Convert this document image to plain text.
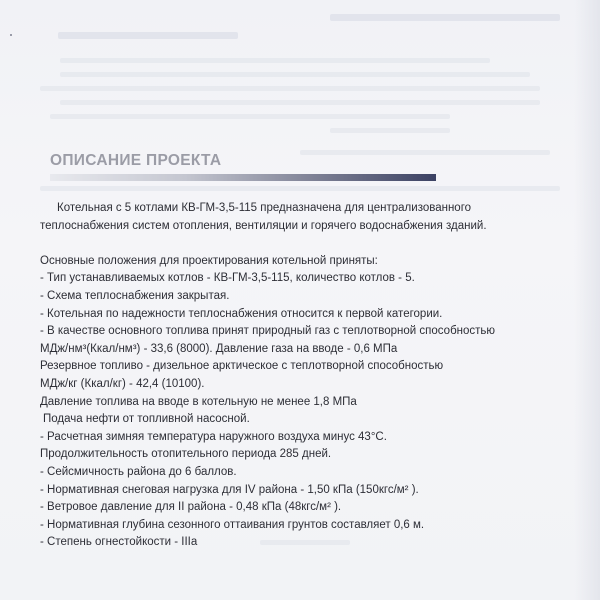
ОПИСАНИЕ ПРОЕКТА
Котельная с 5 котлами КВ-ГМ-3,5-115 предназначена для централизованного
теплоснабжения систем отопления, вентиляции и горячего водоснабжения зданий.
Основные положения для проектирования котельной приняты:
- Тип устанавливаемых котлов - КВ-ГМ-3,5-115, количество котлов - 5.
- Схема теплоснабжения закрытая.
- Котельная по надежности теплоснабжения относится к первой категории.
- В качестве основного топлива принят природный газ с теплотворной способностью
МДж/нм³(Ккал/нм³) - 33,6 (8000). Давление газа на вводе - 0,6 МПа
Резервное топливо - дизельное арктическое с теплотворной способностью
МДж/кг (Ккал/кг) - 42,4 (10100).
Давление топлива на вводе в котельную не менее 1,8 МПа
Подача нефти от топливной насосной.
- Расчетная зимняя температура наружного воздуха минус 43°С.
Продолжительность отопительного периода 285 дней.
- Сейсмичность района до 6 баллов.
- Нормативная снеговая нагрузка для IV района - 1,50 кПа (150кгс/м² ).
- Ветровое давление для II района - 0,48 кПа (48кгс/м² ).
- Нормативная глубина сезонного оттаивания грунтов составляет 0,6 м.
- Степень огнестойкости - IIIа
